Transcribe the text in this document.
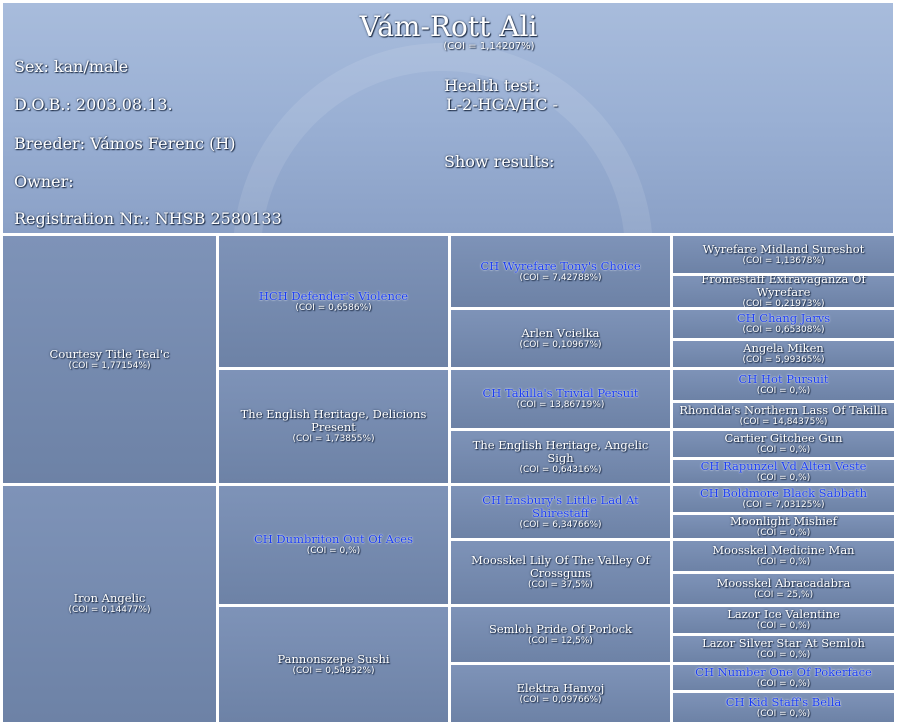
Vám-Rott Ali
(COI = 1,14207%)
Sex: kan/male
D.O.B.: 2003.08.13.
Breeder: Vámos Ferenc (H)
Owner:
Registration Nr.: NHSB 2580133
Health test:
L-2-HGA/HC -
Show results:
Courtesy Title Teal'c
(COI = 1,77154%)
Iron Angelic
(COI = 0,14477%)
HCH Defender's Violence
(COI = 0,6586%)
The English Heritage, Delicions Present
(COI = 1,73855%)
CH Dumbriton Out Of Aces
(COI = 0,%)
Pannonszepe Sushi
(COI = 0,54932%)
CH Wyrefare Tony's Choice
(COI = 7,42788%)
Arlen Vcielka
(COI = 0,10967%)
CH Takilla's Trivial Persuit
(COI = 13,86719%)
The English Heritage, Angelic Sigh
(COI = 0,64316%)
CH Ensbury's Little Lad At Shirestaff
(COI = 6,34766%)
Moosskel Lily Of The Valley Of Crossguns
(COI = 37,5%)
Semloh Pride Of Porlock
(COI = 12,5%)
Elektra Hanvoj
(COI = 0,09766%)
Wyrefare Midland Sureshot
(COI = 1,13678%)
Fromestaff Extravaganza Of Wyrefare
(COI = 0,21973%)
CH Chang Jarvs
(COI = 0,65308%)
Angela Miken
(COI = 5,99365%)
CH Hot Pursuit
(COI = 0,%)
Rhondda's Northern Lass Of Takilla
(COI = 14,84375%)
Cartier Gitchee Gun
(COI = 0,%)
CH Rapunzel Vd Alten Veste
(COI = 0,%)
CH Boldmore Black Sabbath
(COI = 7,03125%)
Moonlight Mishief
(COI = 0,%)
Moosskel Medicine Man
(COI = 0,%)
Moosskel Abracadabra
(COI = 25,%)
Lazor Ice Valentine
(COI = 0,%)
Lazor Silver Star At Semloh
(COI = 0,%)
CH Number One Of Pokerface
(COI = 0,%)
CH Kid Staff's Bella
(COI = 0,%)
